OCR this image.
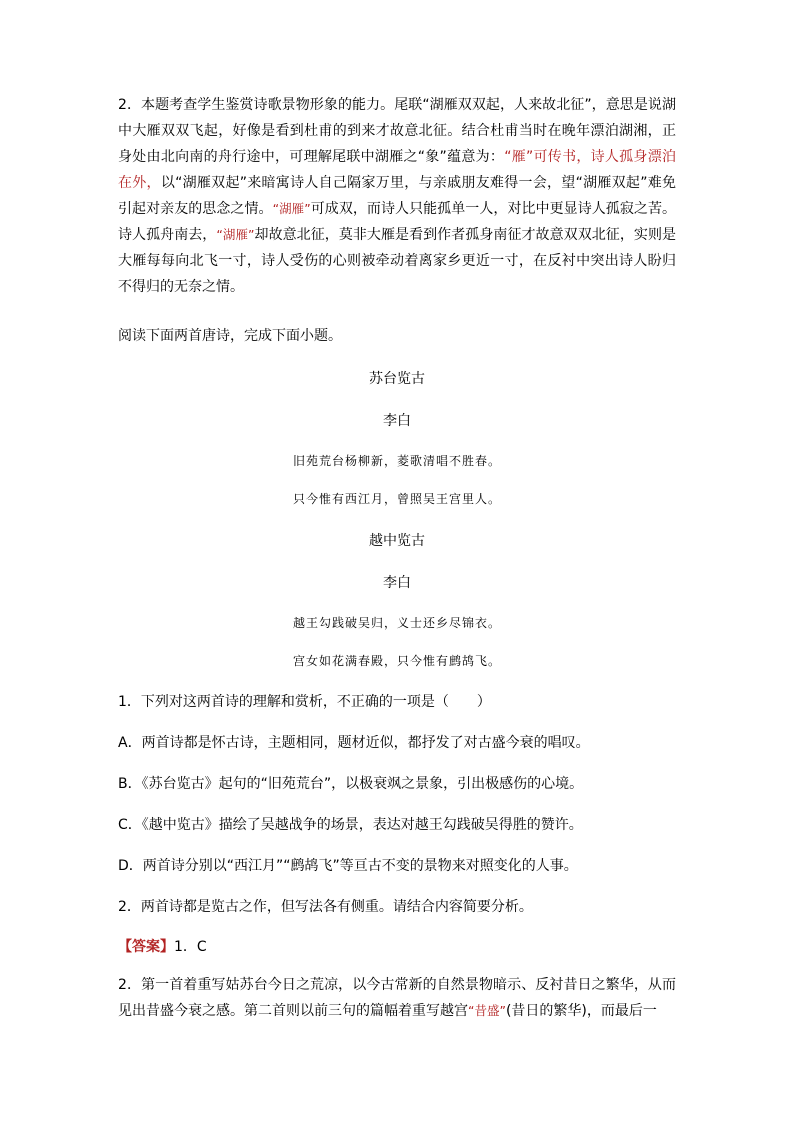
2．本题考查学生鉴赏诗歌景物形象的能力。尾联“湖雁双双起，人来故北征”，意思是说湖中大雁双双飞起，好像是看到杜甫的到来才故意北征。结合杜甫当时在晚年漂泊湖湘，正身处由北向南的舟行途中，可理解尾联中湖雁之“象”蕴意为：“雁”可传书，诗人孤身漂泊在外，以“湖雁双起”来暗寓诗人自己隔家万里，与亲戚朋友难得一会，望“湖雁双起”难免引起对亲友的思念之情。“湖雁”可成双，而诗人只能孤单一人，对比中更显诗人孤寂之苦。诗人孤舟南去，“湖雁”却故意北征，莫非大雁是看到作者孤身南征才故意双双北征，实则是大雁每每向北飞一寸，诗人受伤的心则被牵动着离家乡更近一寸，在反衬中突出诗人盼归不得归的无奈之情。
阅读下面两首唐诗，完成下面小题。
苏台览古
李白
旧苑荒台杨柳新，菱歌清唱不胜春。
只今惟有西江月，曾照吴王宫里人。
越中览古
李白
越王勾践破吴归，义士还乡尽锦衣。
宫女如花满春殿，只今惟有鹧鸪飞。
1．下列对这两首诗的理解和赏析，不正确的一项是（　　）
A．两首诗都是怀古诗，主题相同，题材近似，都抒发了对古盛今衰的唱叹。
B．《苏台览古》起句的“旧苑荒台”，以极衰飒之景象，引出极感伤的心境。
C．《越中览古》描绘了吴越战争的场景，表达对越王勾践破吴得胜的赞许。
D．两首诗分别以“西江月”“鹧鸪飞”等亘古不变的景物来对照变化的人事。
2．两首诗都是览古之作，但写法各有侧重。请结合内容简要分析。
【答案】1．C
2．第一首着重写姑苏台今日之荒凉，以今古常新的自然景物暗示、反衬昔日之繁华，从而见出昔盛今衰之感。第二首则以前三句的篇幅着重写越宫“昔盛”(昔日的繁华)，而最后一
